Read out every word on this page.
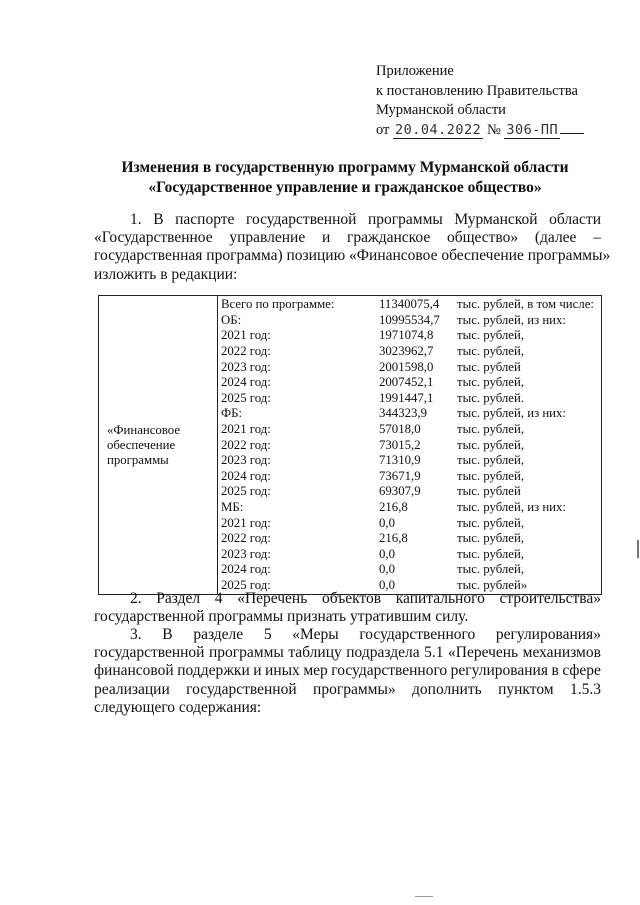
Приложение
к постановлению Правительства
Мурманской области
от 20.04.2022 № 306-ПП
Изменения в государственную программу Мурманской области
«Государственное управление и гражданское общество»
1. В паспорте государственной программы Мурманской области
«Государственное управление и гражданское общество» (далее –
государственная программа) позицию «Финансовое обеспечение программы»
изложить в редакции:
«Финансовое
обеспечение
программы

Всего по программе:	11340075,4	тыс. рублей, в том числе:
ОБ:	10995534,7	тыс. рублей, из них:
2021 год:	1971074,8	тыс. рублей,
2022 год:	3023962,7	тыс. рублей,
2023 год:	2001598,0	тыс. рублей
2024 год:	2007452,1	тыс. рублей,
2025 год:	1991447,1	тыс. рублей.
ФБ:	344323,9	тыс. рублей, из них:
2021 год:	57018,0	тыс. рублей,
2022 год:	73015,2	тыс. рублей,
2023 год:	71310,9	тыс. рублей,
2024 год:	73671,9	тыс. рублей,
2025 год:	69307,9	тыс. рублей
МБ:	216,8	тыс. рублей, из них:
2021 год:	0,0	тыс. рублей,
2022 год:	216,8	тыс. рублей,
2023 год:	0,0	тыс. рублей,
2024 год:	0,0	тыс. рублей,
2025 год:	0,0	тыс. рублей»
2. Раздел 4 «Перечень объектов капитального строительства»
государственной программы признать утратившим силу.
3. В разделе 5 «Меры государственного регулирования»
государственной программы таблицу подраздела 5.1 «Перечень механизмов
финансовой поддержки и иных мер государственного регулирования в сфере
реализации государственной программы» дополнить пунктом 1.5.3
следующего содержания:
